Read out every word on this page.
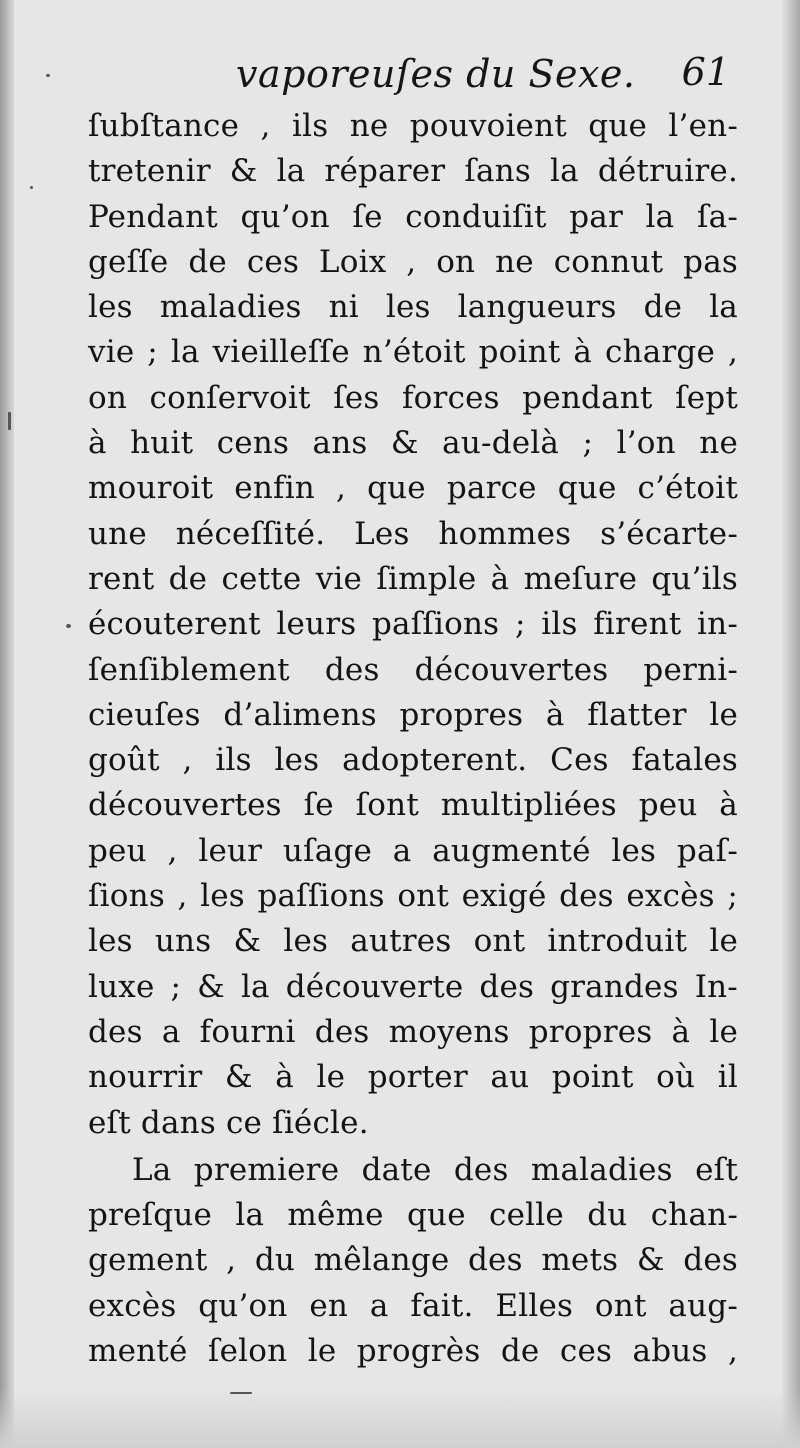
vaporeuſes du Sexe. 61
ſubſtance , ils ne pouvoient que l’en-
tretenir & la réparer ſans la détruire.
Pendant qu’on ſe conduiſit par la ſa-
geſſe de ces Loix , on ne connut pas
les maladies ni les langueurs de la
vie ; la vieilleſſe n’étoit point à charge ,
on conſervoit ſes forces pendant ſept
à huit cens ans & au-delà ; l’on ne
mouroit enfin , que parce que c’étoit
une néceſſité. Les hommes s’écarte-
rent de cette vie ſimple à meſure qu’ils
écouterent leurs paſſions ; ils firent in-
ſenſiblement des découvertes perni-
cieuſes d’alimens propres à flatter le
goût , ils les adopterent. Ces fatales
découvertes ſe ſont multipliées peu à
peu , leur uſage a augmenté les paſ-
ſions , les paſſions ont exigé des excès ;
les uns & les autres ont introduit le
luxe ; & la découverte des grandes In-
des a fourni des moyens propres à le
nourrir & à le porter au point où il
eſt dans ce ſiécle.
La premiere date des maladies eſt
preſque la même que celle du chan-
gement , du mêlange des mets & des
excès qu’on en a fait. Elles ont aug-
menté ſelon le progrès de ces abus ,
